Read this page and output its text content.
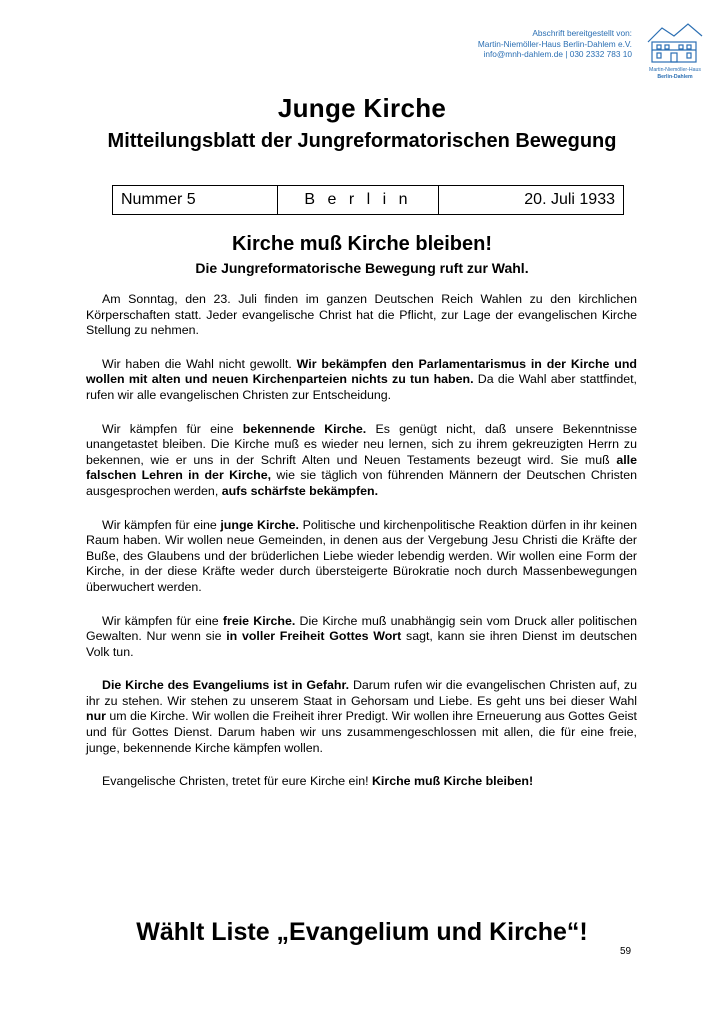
Abschrift bereitgestellt von:
Martin-Niemöller-Haus Berlin-Dahlem e.V.
info@mnh-dahlem.de | 030 2332 783 10
Martin-Niemöller-Haus
Berlin-Dahlem
Junge Kirche
Mitteilungsblatt der Jungreformatorischen Bewegung
Nummer 5	B e r l i n	20. Juli 1933
Kirche muß Kirche bleiben!
Die Jungreformatorische Bewegung ruft zur Wahl.

Am Sonntag, den 23. Juli finden im ganzen Deutschen Reich Wahlen zu den kirchlichen Körperschaften statt. Jeder evangelische Christ hat die Pflicht, zur Lage der evangelischen Kirche Stellung zu nehmen.

Wir haben die Wahl nicht gewollt. Wir bekämpfen den Parlamentarismus in der Kirche und wollen mit alten und neuen Kirchenparteien nichts zu tun haben. Da die Wahl aber stattfindet, rufen wir alle evangelischen Christen zur Entscheidung.

Wir kämpfen für eine bekennende Kirche. Es genügt nicht, daß unsere Bekenntnisse unangetastet bleiben. Die Kirche muß es wieder neu lernen, sich zu ihrem gekreuzigten Herrn zu bekennen, wie er uns in der Schrift Alten und Neuen Testaments bezeugt wird. Sie muß alle falschen Lehren in der Kirche, wie sie täglich von führenden Männern der Deutschen Christen ausgesprochen werden, aufs schärfste bekämpfen.

Wir kämpfen für eine junge Kirche. Politische und kirchenpolitische Reaktion dürfen in ihr keinen Raum haben. Wir wollen neue Gemeinden, in denen aus der Vergebung Jesu Christi die Kräfte der Buße, des Glaubens und der brüderlichen Liebe wieder lebendig werden. Wir wollen eine Form der Kirche, in der diese Kräfte weder durch übersteigerte Bürokratie noch durch Massenbewegungen überwuchert werden.

Wir kämpfen für eine freie Kirche. Die Kirche muß unabhängig sein vom Druck aller politischen Gewalten. Nur wenn sie in voller Freiheit Gottes Wort sagt, kann sie ihren Dienst im deutschen Volk tun.

Die Kirche des Evangeliums ist in Gefahr. Darum rufen wir die evangelischen Christen auf, zu ihr zu stehen. Wir stehen zu unserem Staat in Gehorsam und Liebe. Es geht uns bei dieser Wahl nur um die Kirche. Wir wollen die Freiheit ihrer Predigt. Wir wollen ihre Erneuerung aus Gottes Geist und für Gottes Dienst. Darum haben wir uns zusammengeschlossen mit allen, die für eine freie, junge, bekennende Kirche kämpfen wollen.

Evangelische Christen, tretet für eure Kirche ein! Kirche muß Kirche bleiben!

Wählt Liste „Evangelium und Kirche“!
59
